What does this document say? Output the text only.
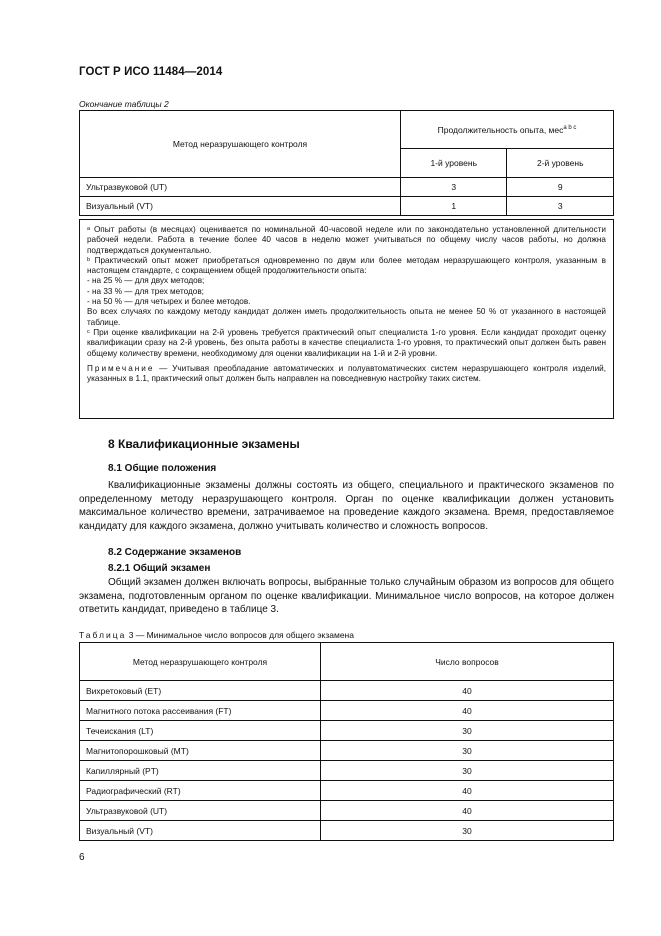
ГОСТ Р ИСО 11484—2014
Окончание таблицы 2
Метод неразрушающего контроля	Продолжительность опыта, мес$^{а b c}$
	1-й уровень	2-й уровень
Ультразвуковой (UT)	3	9
Визуальный (VT)	1	3

ᵃ Опыт работы (в месяцах) оценивается по номинальной 40-часовой неделе или по законодательно установленной длительности рабочей недели. Работа в течение более 40 часов в неделю может учитываться по общему числу часов работы, но должна подтверждаться документально.

ᵇ Практический опыт может приобретаться одновременно по двум или более методам неразрушающего контроля, указанным в настоящем стандарте, с сокращением общей продолжительности опыта:

- на 25 % — для двух методов;

- на 33 % — для трех методов;

- на 50 % — для четырех и более методов.

Во всех случаях по каждому методу кандидат должен иметь продолжительность опыта не менее 50 % от указанного в настоящей таблице.

ᶜ При оценке квалификации на 2-й уровень требуется практический опыт специалиста 1-го уровня. Если кандидат проходит оценку квалификации сразу на 2-й уровень, без опыта работы в качестве специалиста 1-го уровня, то практический опыт должен быть равен общему количеству времени, необходимому для оценки квалификации на 1-й и 2-й уровни.

Примечание — Учитывая преобладание автоматических и полуавтоматических систем неразрушающего контроля изделий, указанных в 1.1, практический опыт должен быть направлен на повседневную настройку таких систем.

8 Квалификационные экзамены
8.1 Общие положения

Квалификационные экзамены должны состоять из общего, специального и практического экзаменов по определенному методу неразрушающего контроля. Орган по оценке квалификации должен установить максимальное количество времени, затрачиваемое на проведение каждого экзамена. Время, предоставляемое кандидату для каждого экзамена, должно учитывать количество и сложность вопросов.

8.2 Содержание экзаменов
8.2.1 Общий экзамен

Общий экзамен должен включать вопросы, выбранные только случайным образом из вопросов для общего экзамена, подготовленным органом по оценке квалификации. Минимальное число вопросов, на которое должен ответить кандидат, приведено в таблице 3.

Таблица 3 — Минимальное число вопросов для общего экзамена
Метод неразрушающего контроля	Число вопросов
Вихретоковый (ET)	40
Магнитного потока рассеивания (FT)	40
Течеискания (LT)	30
Магнитопорошковый (MT)	30
Капиллярный (PT)	30
Радиографический (RT)	40
Ультразвуковой (UT)	40
Визуальный (VT)	30
6
